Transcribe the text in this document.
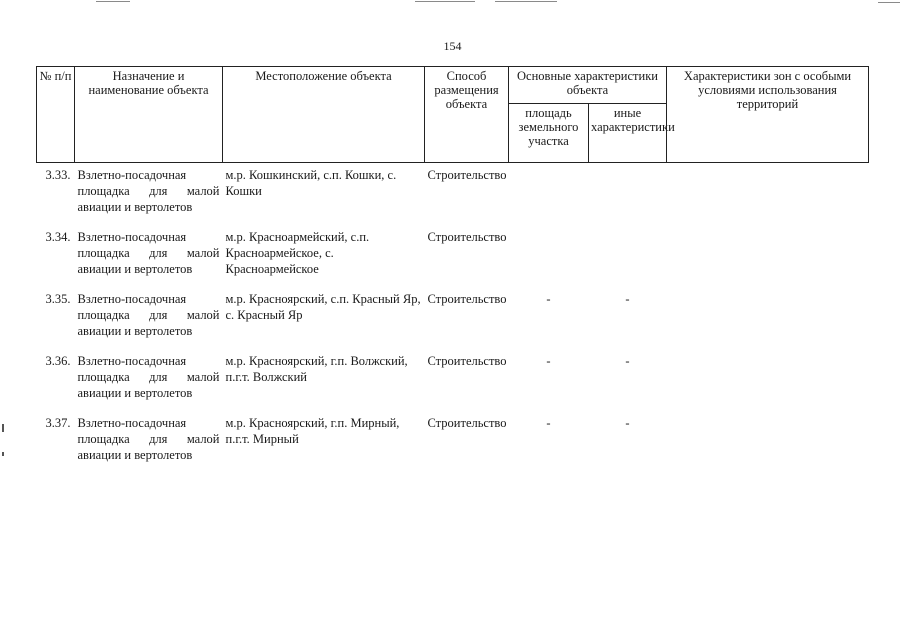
154
№ п/п	Назначение и наименование объекта	Местоположение объекта	Способ размещения объекта	Основные характеристики объекта		Характеристики зон с особыми условиями использования территорий
				площадь земельного участка	иные характеристики	
3.33.	Взлетно-посадочная площадка для малой авиации и вертолетов	м.р. Кошкинский, с.п. Кошки, с. Кошки	Строительство			
3.34.	Взлетно-посадочная площадка для малой авиации и вертолетов	м.р. Красноармейский, с.п. Красноармейское, с. Красноармейское	Строительство			
3.35.	Взлетно-посадочная площадка для малой авиации и вертолетов	м.р. Красноярский, с.п. Красный Яр, с. Красный Яр	Строительство	-	-	
3.36.	Взлетно-посадочная площадка для малой авиации и вертолетов	м.р. Красноярский, г.п. Волжский, п.г.т. Волжский	Строительство	-	-	
3.37.	Взлетно-посадочная площадка для малой авиации и вертолетов	м.р. Красноярский, г.п. Мирный, п.г.т. Мирный	Строительство	-	-	
